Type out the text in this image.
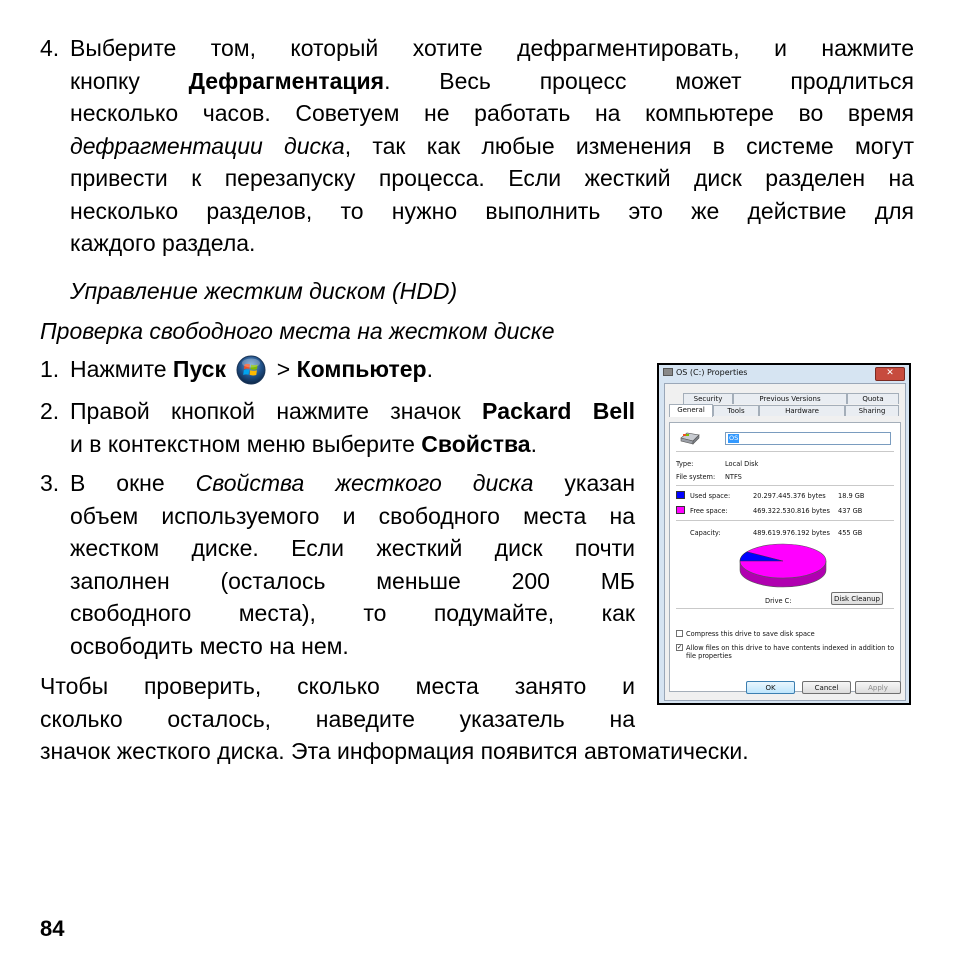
4. Выберите том, который хотите дефрагментировать, и нажмите
кнопку Дефрагментация. Весь процесс может продлиться
несколько часов. Советуем не работать на компьютере во время
дефрагментации диска, так как любые изменения в системе могут
привести к перезапуску процесса. Если жесткий диск разделен на
несколько разделов, то нужно выполнить это же действие для
каждого раздела.
Управление жестким диском (HDD)
Проверка свободного места на жестком диске
1. Нажмите Пуск > Компьютер.
2. Правой кнопкой нажмите значок Packard Bell
и в контекстном меню выберите Свойства.
3. В окне Свойства жесткого диска указан
объем используемого и свободного места на
жестком диске. Если жесткий диск почти
заполнен (осталось меньше 200 МБ
свободного места), то подумайте, как
освободить место на нем.
Чтобы проверить, сколько места занято и
сколько осталось, наведите указатель на
значок жесткого диска. Эта информация появится автоматически.
OS (C:) Properties	✕
Security	Previous Versions	Quota
General	Tools	Hardware	Sharing
OS
Type:	Local Disk
File system: NTFS
Used space:	20.297.445.376 bytes 18.9 GB
Free space:	469.322.530.816 bytes 437 GB
Capacity:	489.619.976.192 bytes 455 GB
Drive C:	Disk Cleanup
Compress this drive to save disk space
✓ Allow files on this drive to have contents indexed in addition to
file properties
OK	Cancel	Apply
84
